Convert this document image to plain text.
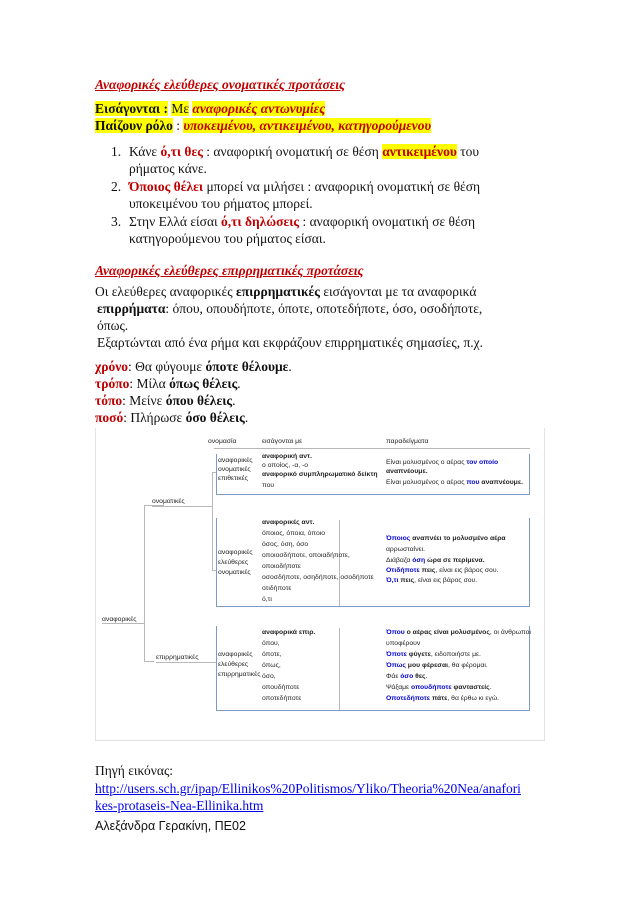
Αναφορικές ελεύθερες ονοματικές προτάσεις
Εισάγονται : Με αναφορικές αντωνυμίες
Παίζουν ρόλο : υποκειμένου, αντικειμένου, κατηγορούμενου
1. Κάνε ό,τι θες : αναφορική ονοματική σε θέση αντικειμένου του
ρήματος κάνε.
2. Όποιος θέλει μπορεί να μιλήσει : αναφορική ονοματική σε θέση
υποκειμένου του ρήματος μπορεί.
3. Στην Ελλά είσαι ό,τι δηλώσεις : αναφορική ονοματική σε θέση
κατηγορούμενου του ρήματος είσαι.
Αναφορικές ελεύθερες επιρρηματικές προτάσεις
Οι ελεύθερες αναφορικές επιρρηματικές εισάγονται με τα αναφορικά
επιρρήματα: όπου, οπουδήποτε, όποτε, οποτεδήποτε, όσο, οσοδήποτε,
όπως.
Εξαρτώνται από ένα ρήμα και εκφράζουν επιρρηματικές σημασίες, π.χ.
χρόνο: Θα φύγουμε όποτε θέλουμε.
τρόπο: Μίλα όπως θέλεις.
τόπο: Μείνε όπου θέλεις.
ποσό: Πλήρωσε όσο θέλεις.
ονομασία	εισάγονται με	παραδείγματα
αναφορικές
ονοματικές
επιρρηματικές
αναφορικές
ονοματικές
επιθετικές
αναφορική αντ.
ο οποίος, -α, -ο
αναφορικό συμπληρωματικό δείκτη
που
Είναι μολυσμένος ο αέρας τον οποίο
αναπνέουμε.
Είναι μολυσμένος ο αέρας που αναπνέουμε.
αναφορικές
ελεύθερες
ονοματικές
αναφορικές αντ.
όποιος, όποια, όποιο
όσος, όση, όσο
οποιοσδήποτε, οποιαδήποτε,
οποιοδήποτε
οσοσδήποτε, οσηδήποτε, οσοδήποτε
οτιδήποτε
ό,τι
Όποιος αναπνέει το μολυσμένο αέρα
αρρωσταίνει.
Διάβαζα όση ώρα σε περίμενα.
Οτιδήποτε πεις, είναι εις βάρος σου.
Ό,τι πεις, είναι εις βάρος σου.
αναφορικές
ελεύθερες
επιρρηματικές
αναφορικά επιρ.
όπου,
όποτε,
όπως,
όσο,
οπουδήποτε
οποτεδήποτε
Όπου ο αέρας είναι μολυσμένος, οι άνθρωποι
υποφέρουν
Όποτε φύγετε, ειδοποιήστε με.
Όπως μου φέρεσαι, θα φέρομαι.
Φάε όσο θες.
Ψάξαμε οπουδήποτε φανταστείς.
Οποτεδήποτε πάτε, θα έρθω κι εγώ.
Πηγή εικόνας:
http://users.sch.gr/ipap/Ellinikos%20Politismos/Yliko/Theoria%20Nea/anafori
kes-protaseis-Nea-Ellinika.htm
Αλεξάνδρα Γερακίνη, ΠΕ02
